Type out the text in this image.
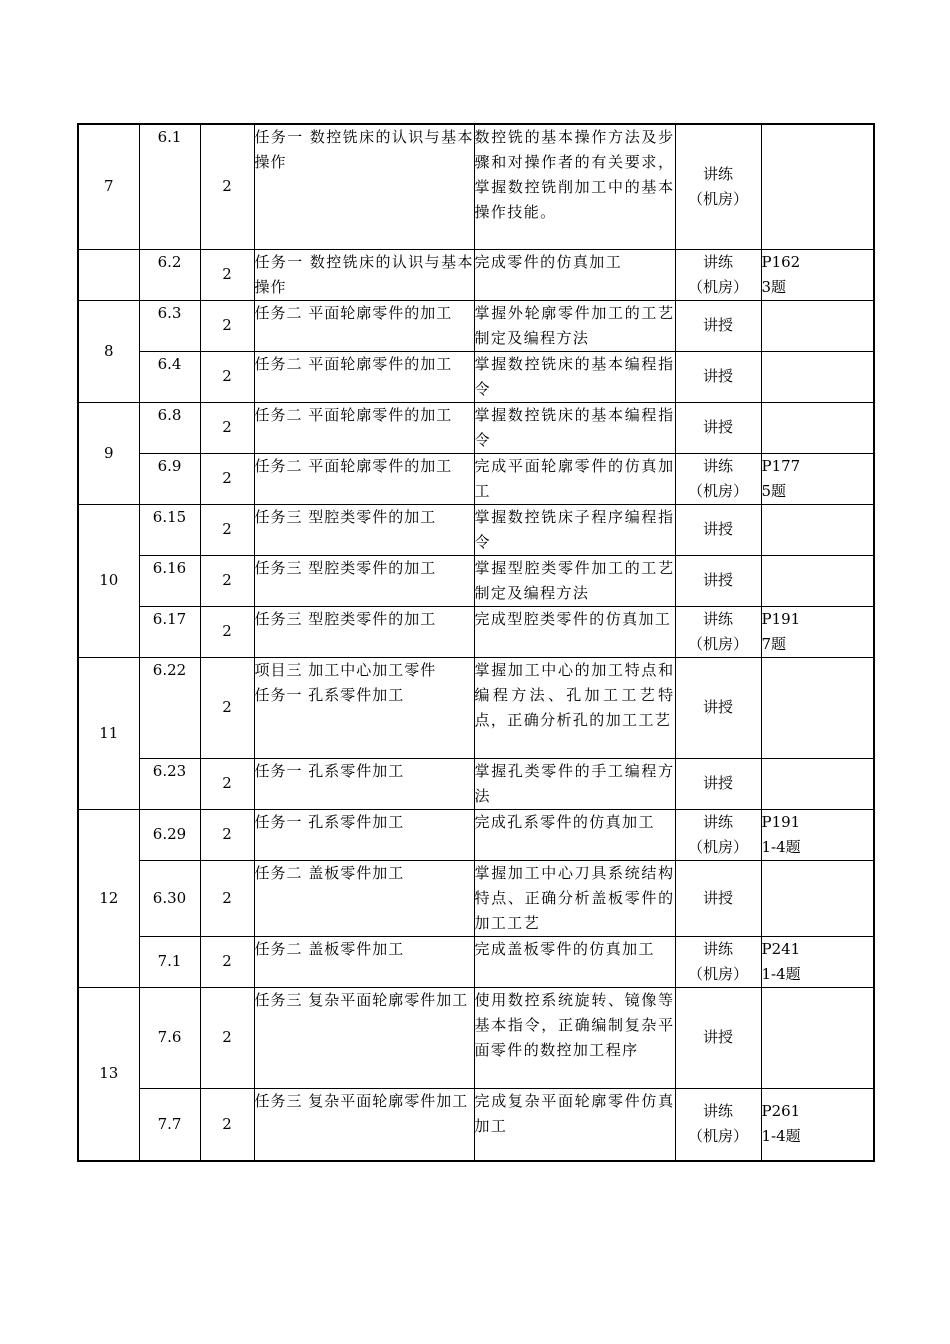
7	6.1	2	任务一 数控铣床的认识与基本操作	数控铣的基本操作方法及步骤和对操作者的有关要求，掌握数控铣削加工中的基本操作技能。	讲练
（机房）	
	6.2	2	任务一 数控铣床的认识与基本操作	完成零件的仿真加工	讲练
（机房）	P162
3题
8	6.3	2	任务二 平面轮廓零件的加工	掌握外轮廓零件加工的工艺制定及编程方法	讲授	
	6.4	2	任务二 平面轮廓零件的加工	掌握数控铣床的基本编程指令	讲授	
9	6.8	2	任务二 平面轮廓零件的加工	掌握数控铣床的基本编程指令	讲授	
	6.9	2	任务二 平面轮廓零件的加工	完成平面轮廓零件的仿真加工	讲练
（机房）	P177
5题
10	6.15	2	任务三 型腔类零件的加工	掌握数控铣床子程序编程指令	讲授	
	6.16	2	任务三 型腔类零件的加工	掌握型腔类零件加工的工艺制定及编程方法	讲授	
	6.17	2	任务三 型腔类零件的加工	完成型腔类零件的仿真加工	讲练
（机房）	P191
7题
11	6.22	2	项目三 加工中心加工零件
任务一 孔系零件加工	掌握加工中心的加工特点和编程方法、孔加工工艺特点，正确分析孔的加工工艺	讲授	
	6.23	2	任务一 孔系零件加工	掌握孔类零件的手工编程方法	讲授	
12	6.29	2	任务一 孔系零件加工	完成孔系零件的仿真加工	讲练
（机房）	P191
1-4题
	6.30	2	任务二 盖板零件加工	掌握加工中心刀具系统结构特点、正确分析盖板零件的加工工艺	讲授	
	7.1	2	任务二 盖板零件加工	完成盖板零件的仿真加工	讲练
（机房）	P241
1-4题
13	7.6	2	任务三 复杂平面轮廓零件加工	使用数控系统旋转、镜像等基本指令，正确编制复杂平面零件的数控加工程序	讲授	
	7.7	2	任务三 复杂平面轮廓零件加工	完成复杂平面轮廓零件仿真加工	讲练
（机房）	P261
1-4题
